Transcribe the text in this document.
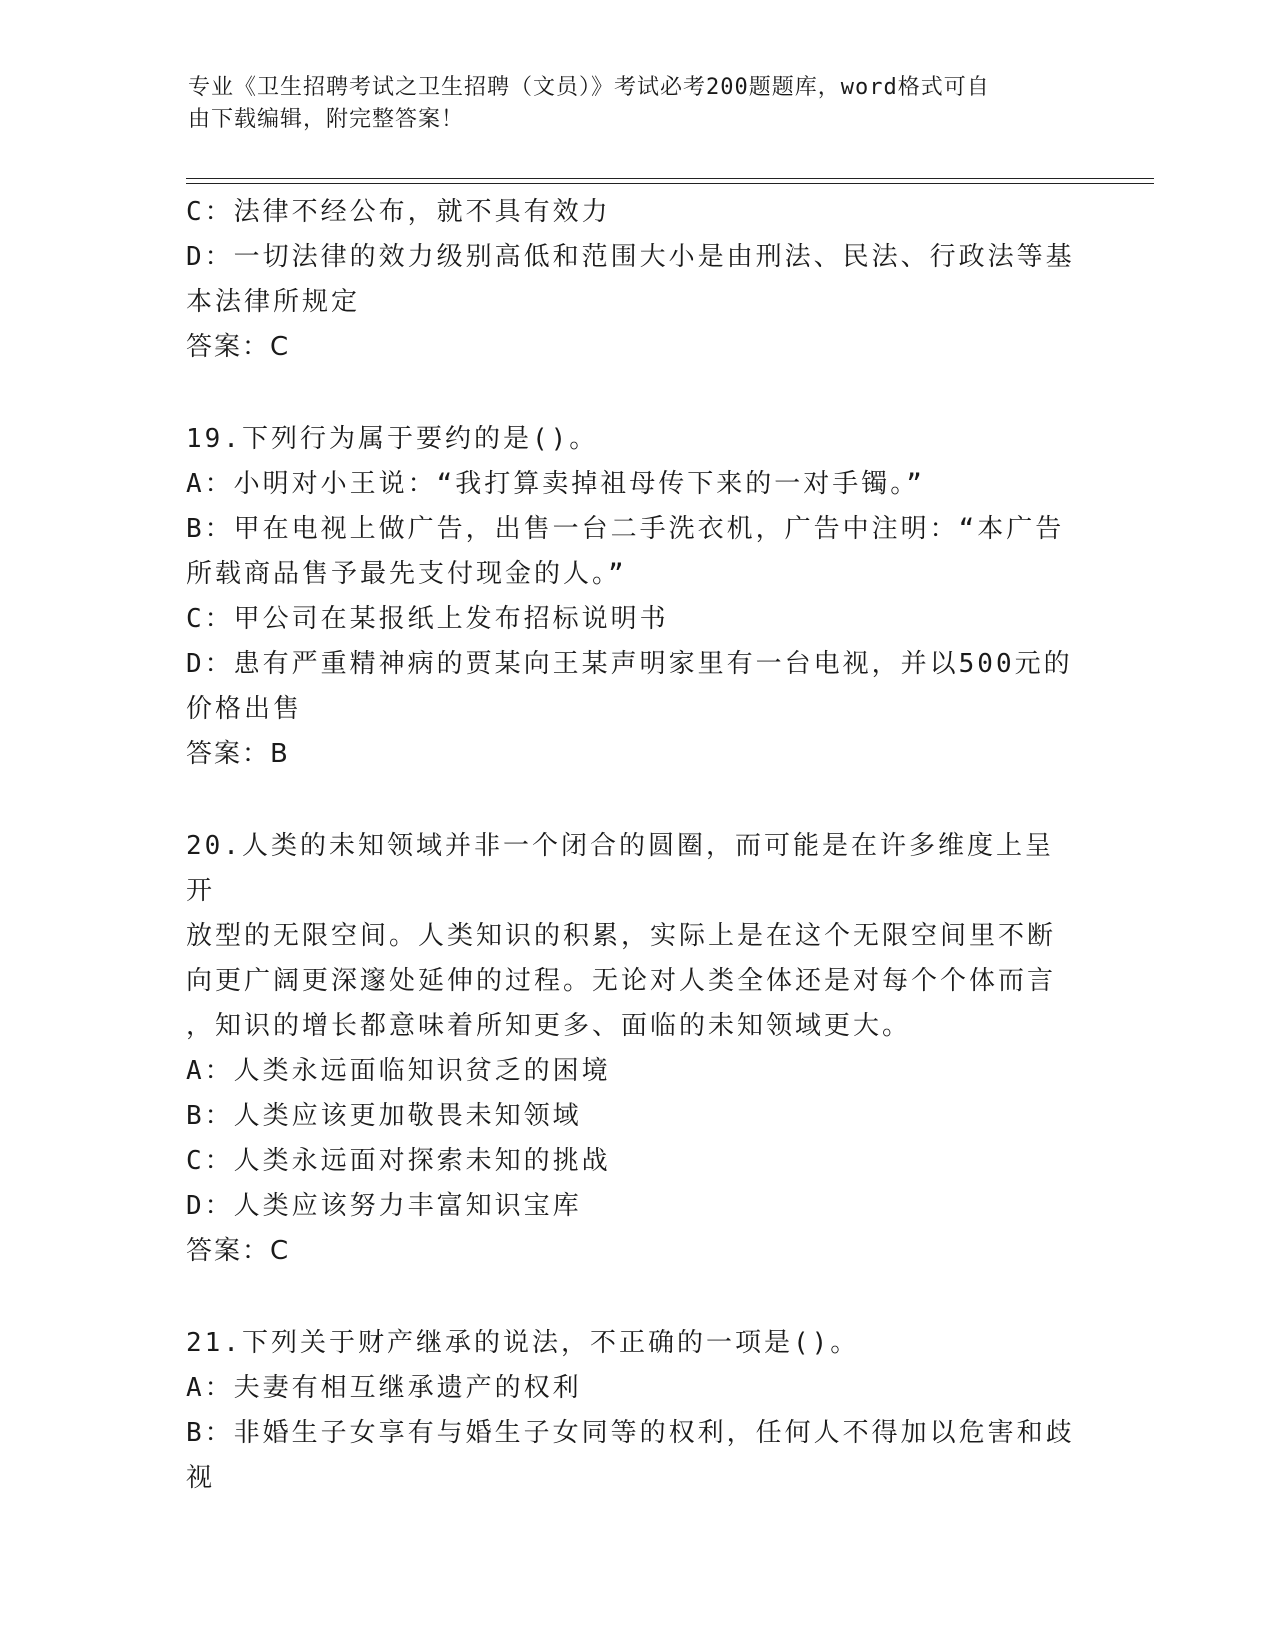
专业《卫生招聘考试之卫生招聘（文员）》考试必考200题题库，word格式可自
由下载编辑，附完整答案！
C：法律不经公布，就不具有效力
D：一切法律的效力级别高低和范围大小是由刑法、民法、行政法等基
本法律所规定
答案：C
19.下列行为属于要约的是()。
A：小明对小王说：“我打算卖掉祖母传下来的一对手镯。”
B：甲在电视上做广告，出售一台二手洗衣机，广告中注明：“本广告
所载商品售予最先支付现金的人。”
C：甲公司在某报纸上发布招标说明书
D：患有严重精神病的贾某向王某声明家里有一台电视，并以500元的
价格出售
答案：B
20.人类的未知领域并非一个闭合的圆圈，而可能是在许多维度上呈开
放型的无限空间。人类知识的积累，实际上是在这个无限空间里不断
向更广阔更深邃处延伸的过程。无论对人类全体还是对每个个体而言
，知识的增长都意味着所知更多、面临的未知领域更大。
A：人类永远面临知识贫乏的困境
B：人类应该更加敬畏未知领域
C：人类永远面对探索未知的挑战
D：人类应该努力丰富知识宝库
答案：C
21.下列关于财产继承的说法，不正确的一项是()。
A：夫妻有相互继承遗产的权利
B：非婚生子女享有与婚生子女同等的权利，任何人不得加以危害和歧
视
